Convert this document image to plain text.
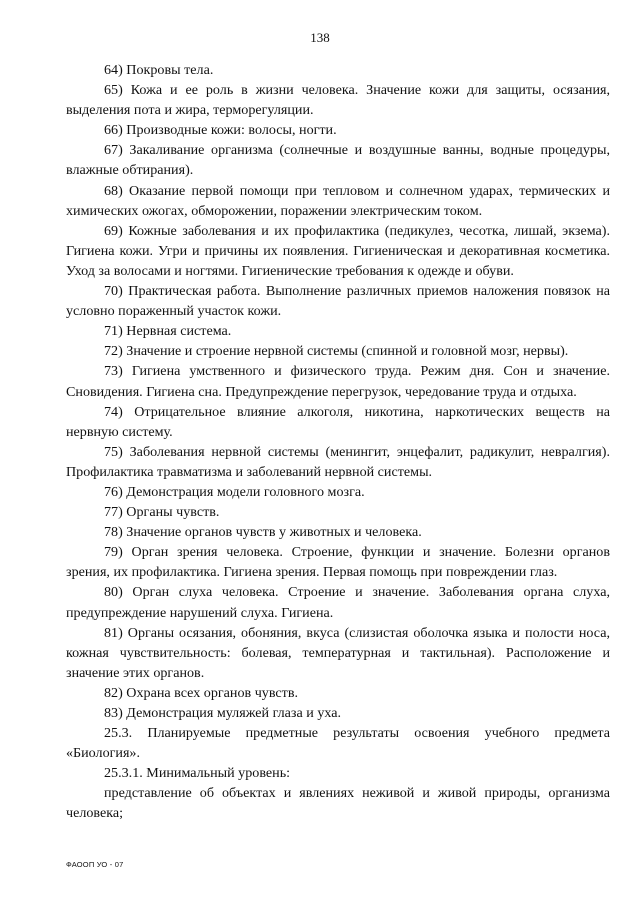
138

64) Покровы тела.

65) Кожа и ее роль в жизни человека. Значение кожи для защиты, осязания, выделения пота и жира, терморегуляции.

66) Производные кожи: волосы, ногти.

67) Закаливание организма (солнечные и воздушные ванны, водные процедуры, влажные обтирания).

68) Оказание первой помощи при тепловом и солнечном ударах, термических и химических ожогах, обморожении, поражении электрическим током.

69) Кожные заболевания и их профилактика (педикулез, чесотка, лишай, экзема). Гигиена кожи. Угри и причины их появления. Гигиеническая и декоративная косметика. Уход за волосами и ногтями. Гигиенические требования к одежде и обуви.

70) Практическая работа. Выполнение различных приемов наложения повязок на условно пораженный участок кожи.

71) Нервная система.

72) Значение и строение нервной системы (спинной и головной мозг, нервы).

73) Гигиена умственного и физического труда. Режим дня. Сон и значение. Сновидения. Гигиена сна. Предупреждение перегрузок, чередование труда и отдыха.

74) Отрицательное влияние алкоголя, никотина, наркотических веществ на нервную систему.

75) Заболевания нервной системы (менингит, энцефалит, радикулит, невралгия). Профилактика травматизма и заболеваний нервной системы.

76) Демонстрация модели головного мозга.

77) Органы чувств.

78) Значение органов чувств у животных и человека.

79) Орган зрения человека. Строение, функции и значение. Болезни органов зрения, их профилактика. Гигиена зрения. Первая помощь при повреждении глаз.

80) Орган слуха человека. Строение и значение. Заболевания органа слуха, предупреждение нарушений слуха. Гигиена.

81) Органы осязания, обоняния, вкуса (слизистая оболочка языка и полости носа, кожная чувствительность: болевая, температурная и тактильная). Расположение и значение этих органов.

82) Охрана всех органов чувств.

83) Демонстрация муляжей глаза и уха.

25.3. Планируемые предметные результаты освоения учебного предмета «Биология».

25.3.1. Минимальный уровень:

представление об объектах и явлениях неживой и живой природы, организма человека;

ФАООП УО - 07
